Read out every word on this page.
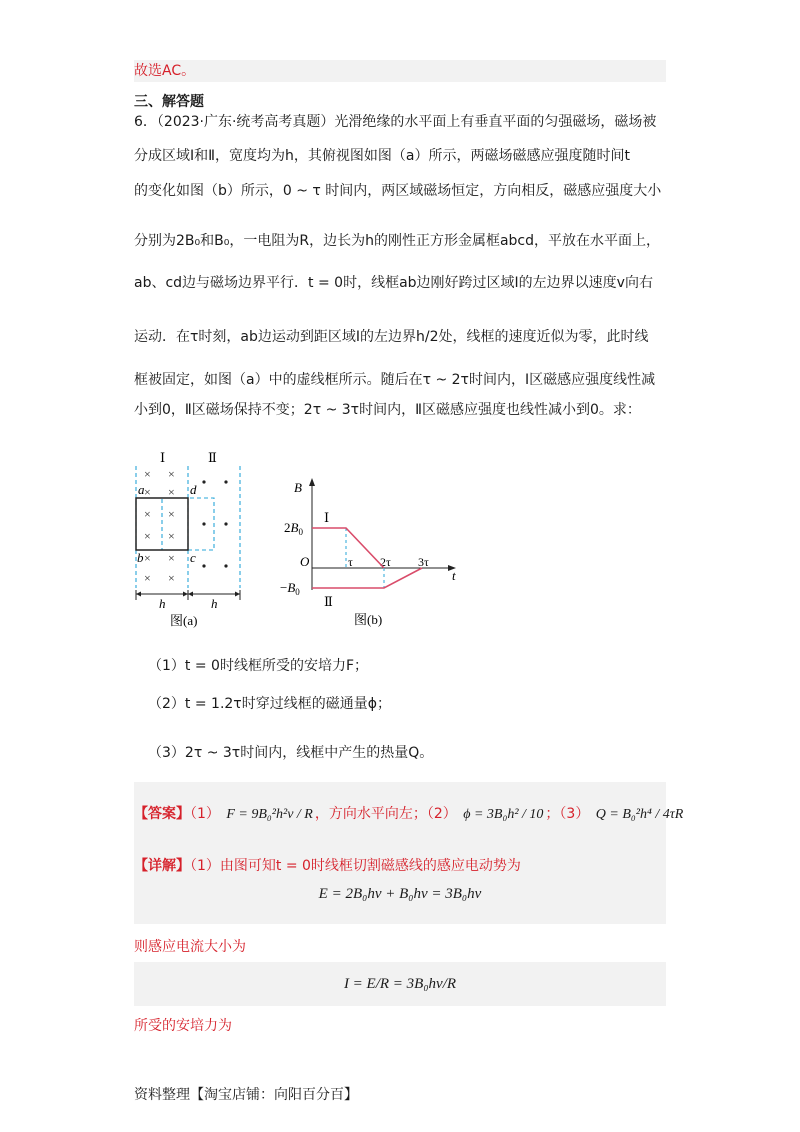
故选AC。
三、解答题
6．（2023·广东·统考高考真题）光滑绝缘的水平面上有垂直平面的匀强磁场，磁场被
分成区域Ⅰ和Ⅱ，宽度均为h，其俯视图如图（a）所示，两磁场磁感应强度随时间t
的变化如图（b）所示，0 ~ τ 时间内，两区域磁场恒定，方向相反，磁感应强度大小
分别为2B₀和B₀，一电阻为R，边长为h的刚性正方形金属框abcd，平放在水平面上，
ab、cd边与磁场边界平行．t = 0时，线框ab边刚好跨过区域Ⅰ的左边界以速度v向右
运动．在τ时刻，ab边运动到距区域Ⅰ的左边界h/2处，线框的速度近似为零，此时线
框被固定，如图（a）中的虚线框所示。随后在τ ~ 2τ时间内，Ⅰ区磁感应强度线性减
小到0，Ⅱ区磁场保持不变；2τ ~ 3τ时间内，Ⅱ区磁感应强度也线性减小到0。求：
× ×
× ×
× ×
× ×
× ×
× ×
Ⅰ	Ⅱ
a
b	c
d
h	h
图(a)
B
t
O
$2B_0$
$-B_0$
τ 2τ 3τ
Ⅰ
Ⅱ
图(b)
（1）t = 0时线框所受的安培力F；
（2）t = 1.2τ时穿过线框的磁通量ϕ；
（3）2τ ~ 3τ时间内，线框中产生的热量Q。
【答案】（1） F = 9B₀²h²v / R ，方向水平向左；（2） ϕ = 3B₀h² / 10 ；（3） Q = B₀²h⁴ / 4τR
【详解】（1）由图可知t = 0时线框切割磁感线的感应电动势为
E = 2B₀hv + B₀hv = 3B₀hv
则感应电流大小为
I = E/R = 3B₀hv/R
所受的安培力为
资料整理【淘宝店铺：向阳百分百】
